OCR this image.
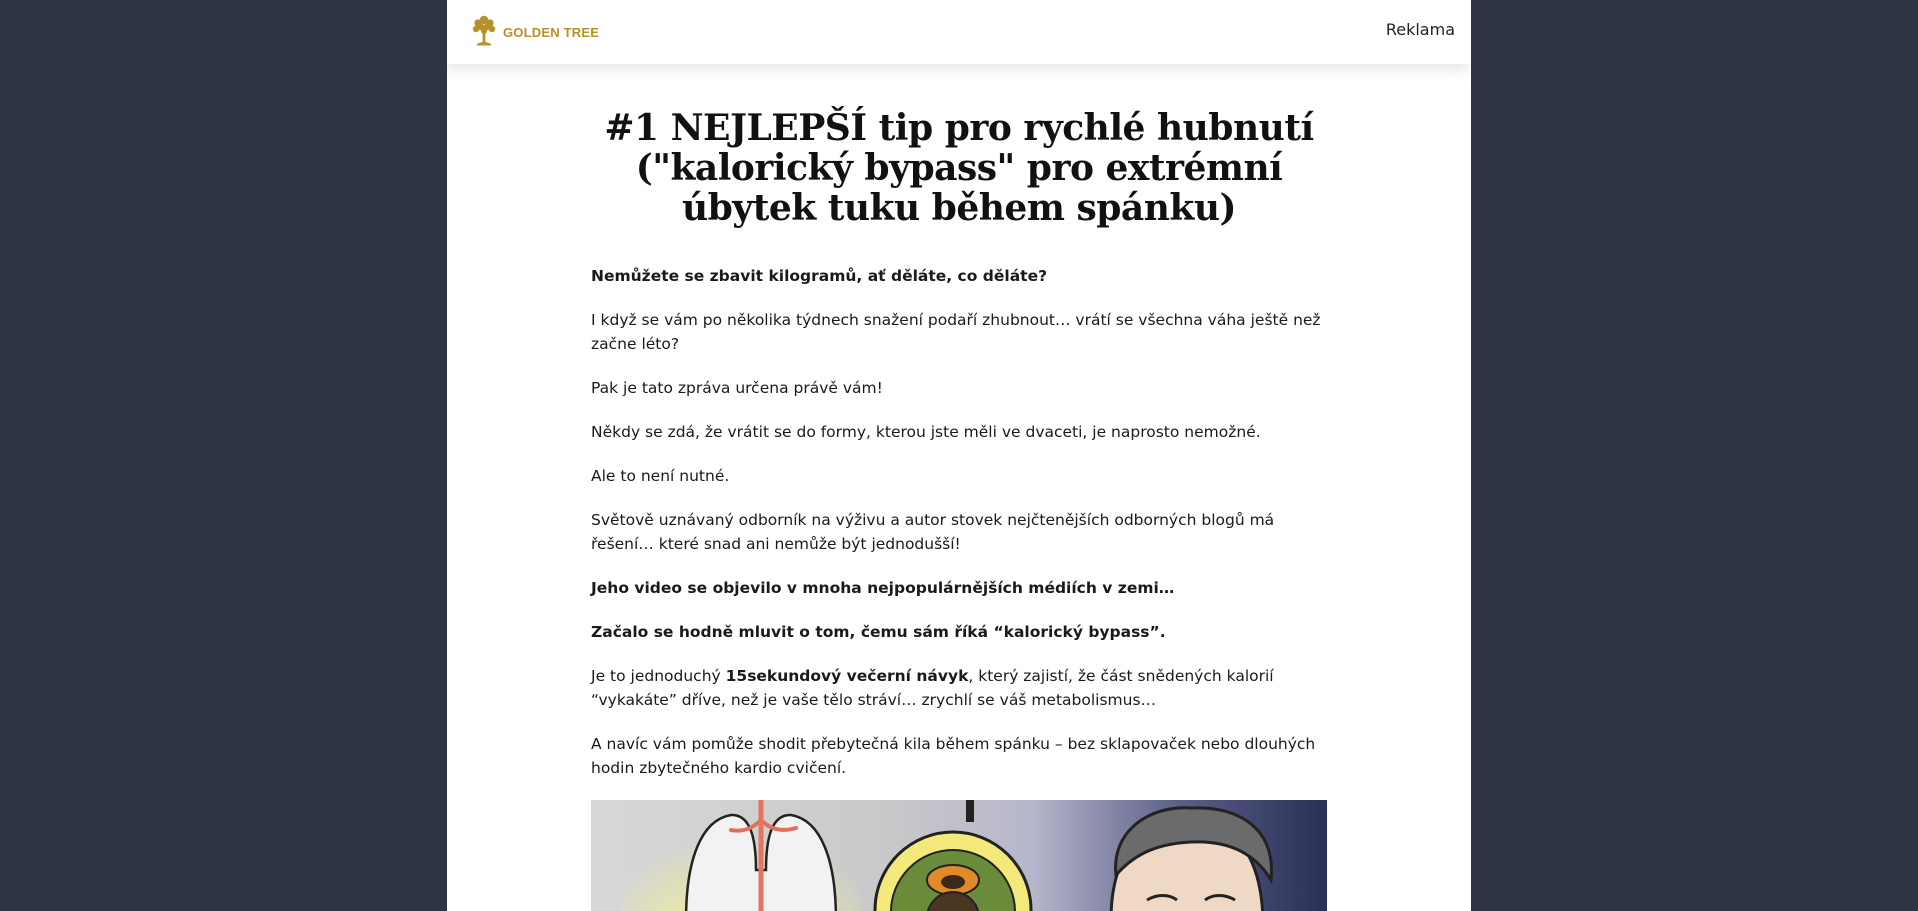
GOLDEN TREE	Reklama
#1 NEJLEPŠÍ tip pro rychlé hubnutí ("kalorický bypass" pro extrémní úbytek tuku během spánku)

Nemůžete se zbavit kilogramů, ať děláte, co děláte?

I když se vám po několika týdnech snažení podaří zhubnout… vrátí se všechna váha ještě než začne léto?

Pak je tato zpráva určena právě vám!

Někdy se zdá, že vrátit se do formy, kterou jste měli ve dvaceti, je naprosto nemožné.

Ale to není nutné.

Světově uznávaný odborník na výživu a autor stovek nejčtenějších odborných blogů má řešení… které snad ani nemůže být jednodušší!

Jeho video se objevilo v mnoha nejpopulárnějších médiích v zemi…

Začalo se hodně mluvit o tom, čemu sám říká “kalorický bypass”.

Je to jednoduchý 15sekundový večerní návyk, který zajistí, že část snědených kalorií “vykakáte” dříve, než je vaše tělo stráví… zrychlí se váš metabolismus…

A navíc vám pomůže shodit přebytečná kila během spánku – bez sklapovaček nebo dlouhých hodin zbytečného kardio cvičení.
